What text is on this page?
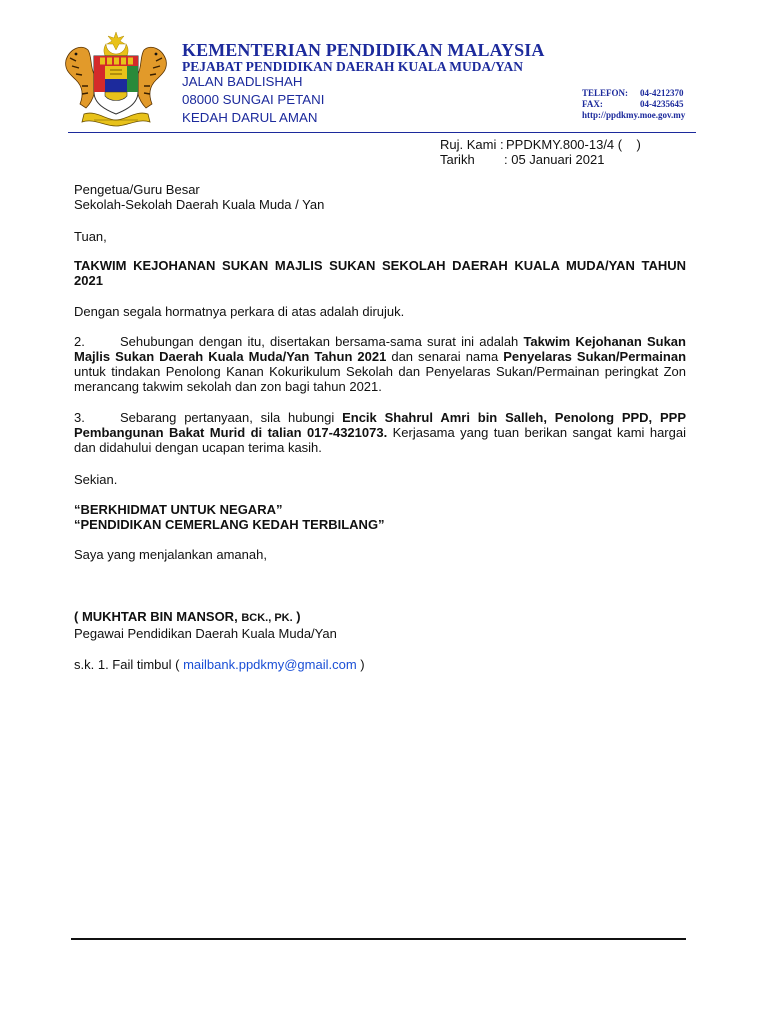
KEMENTERIAN PENDIDIKAN MALAYSIA
PEJABAT PENDIDIKAN DAERAH KUALA MUDA/YAN
JALAN BADLISHAH
08000 SUNGAI PETANI
KEDAH DARUL AMAN
TELEFON:	04-4212370
FAX:	04-4235645
http://ppdkmy.moe.gov.my
Ruj. Kami : PPDKMY.800-13/4 (    )
Tarikh	: 05 Januari 2021
Pengetua/Guru Besar
Sekolah-Sekolah Daerah Kuala Muda / Yan
Tuan,
TAKWIM KEJOHANAN SUKAN MAJLIS SUKAN SEKOLAH DAERAH KUALA MUDA/YAN TAHUN 2021
Dengan segala hormatnya perkara di atas adalah dirujuk.
2.	Sehubungan dengan itu, disertakan bersama-sama surat ini adalah Takwim Kejohanan Sukan Majlis Sukan Daerah Kuala Muda/Yan Tahun 2021 dan senarai nama Penyelaras Sukan/Permainan untuk tindakan Penolong Kanan Kokurikulum Sekolah dan Penyelaras Sukan/Permainan peringkat Zon merancang takwim sekolah dan zon bagi tahun 2021.
3.	Sebarang pertanyaan, sila hubungi Encik Shahrul Amri bin Salleh, Penolong PPD, PPP Pembangunan Bakat Murid di talian 017-4321073. Kerjasama yang tuan berikan sangat kami hargai dan didahului dengan ucapan terima kasih.
Sekian.
“BERKHIDMAT UNTUK NEGARA”
“PENDIDIKAN CEMERLANG KEDAH TERBILANG”
Saya yang menjalankan amanah,
( MUKHTAR BIN MANSOR, BCK., PK. )
Pegawai Pendidikan Daerah Kuala Muda/Yan
s.k. 1. Fail timbul ( mailbank.ppdkmy@gmail.com )
